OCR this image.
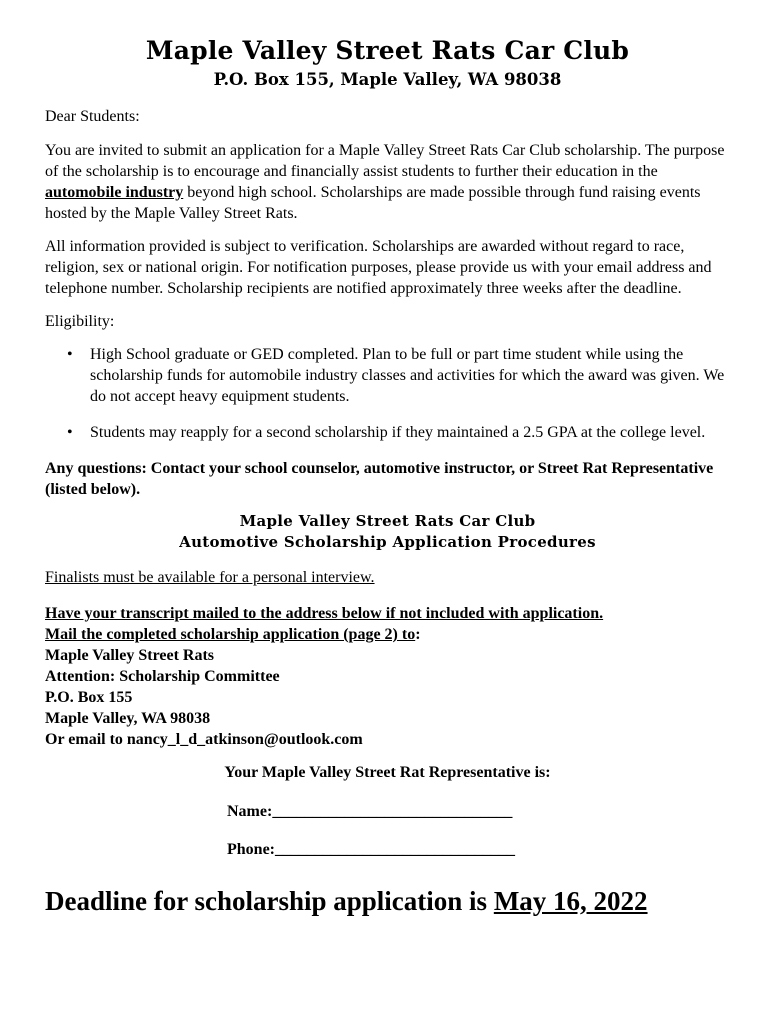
Maple Valley Street Rats Car Club
P.O. Box 155, Maple Valley, WA 98038
Dear Students:
You are invited to submit an application for a Maple Valley Street Rats Car Club scholarship. The purpose of the scholarship is to encourage and financially assist students to further their education in the automobile industry beyond high school. Scholarships are made possible through fund raising events hosted by the Maple Valley Street Rats.
All information provided is subject to verification. Scholarships are awarded without regard to race, religion, sex or national origin. For notification purposes, please provide us with your email address and telephone number. Scholarship recipients are notified approximately three weeks after the deadline.
Eligibility:
• High School graduate or GED completed. Plan to be full or part time student while using the scholarship funds for automobile industry classes and activities for which the award was given. We do not accept heavy equipment students.
• Students may reapply for a second scholarship if they maintained a 2.5 GPA at the college level.
Any questions: Contact your school counselor, automotive instructor, or Street Rat Representative (listed below).
Maple Valley Street Rats Car Club
Automotive Scholarship Application Procedures
Finalists must be available for a personal interview.
Have your transcript mailed to the address below if not included with application.
Mail the completed scholarship application (page 2) to:
Maple Valley Street Rats
Attention: Scholarship Committee
P.O. Box 155
Maple Valley, WA 98038
Or email to nancy_l_d_atkinson@outlook.com
Your Maple Valley Street Rat Representative is:
Name:______________________________
Phone:______________________________
Deadline for scholarship application is May 16, 2022
